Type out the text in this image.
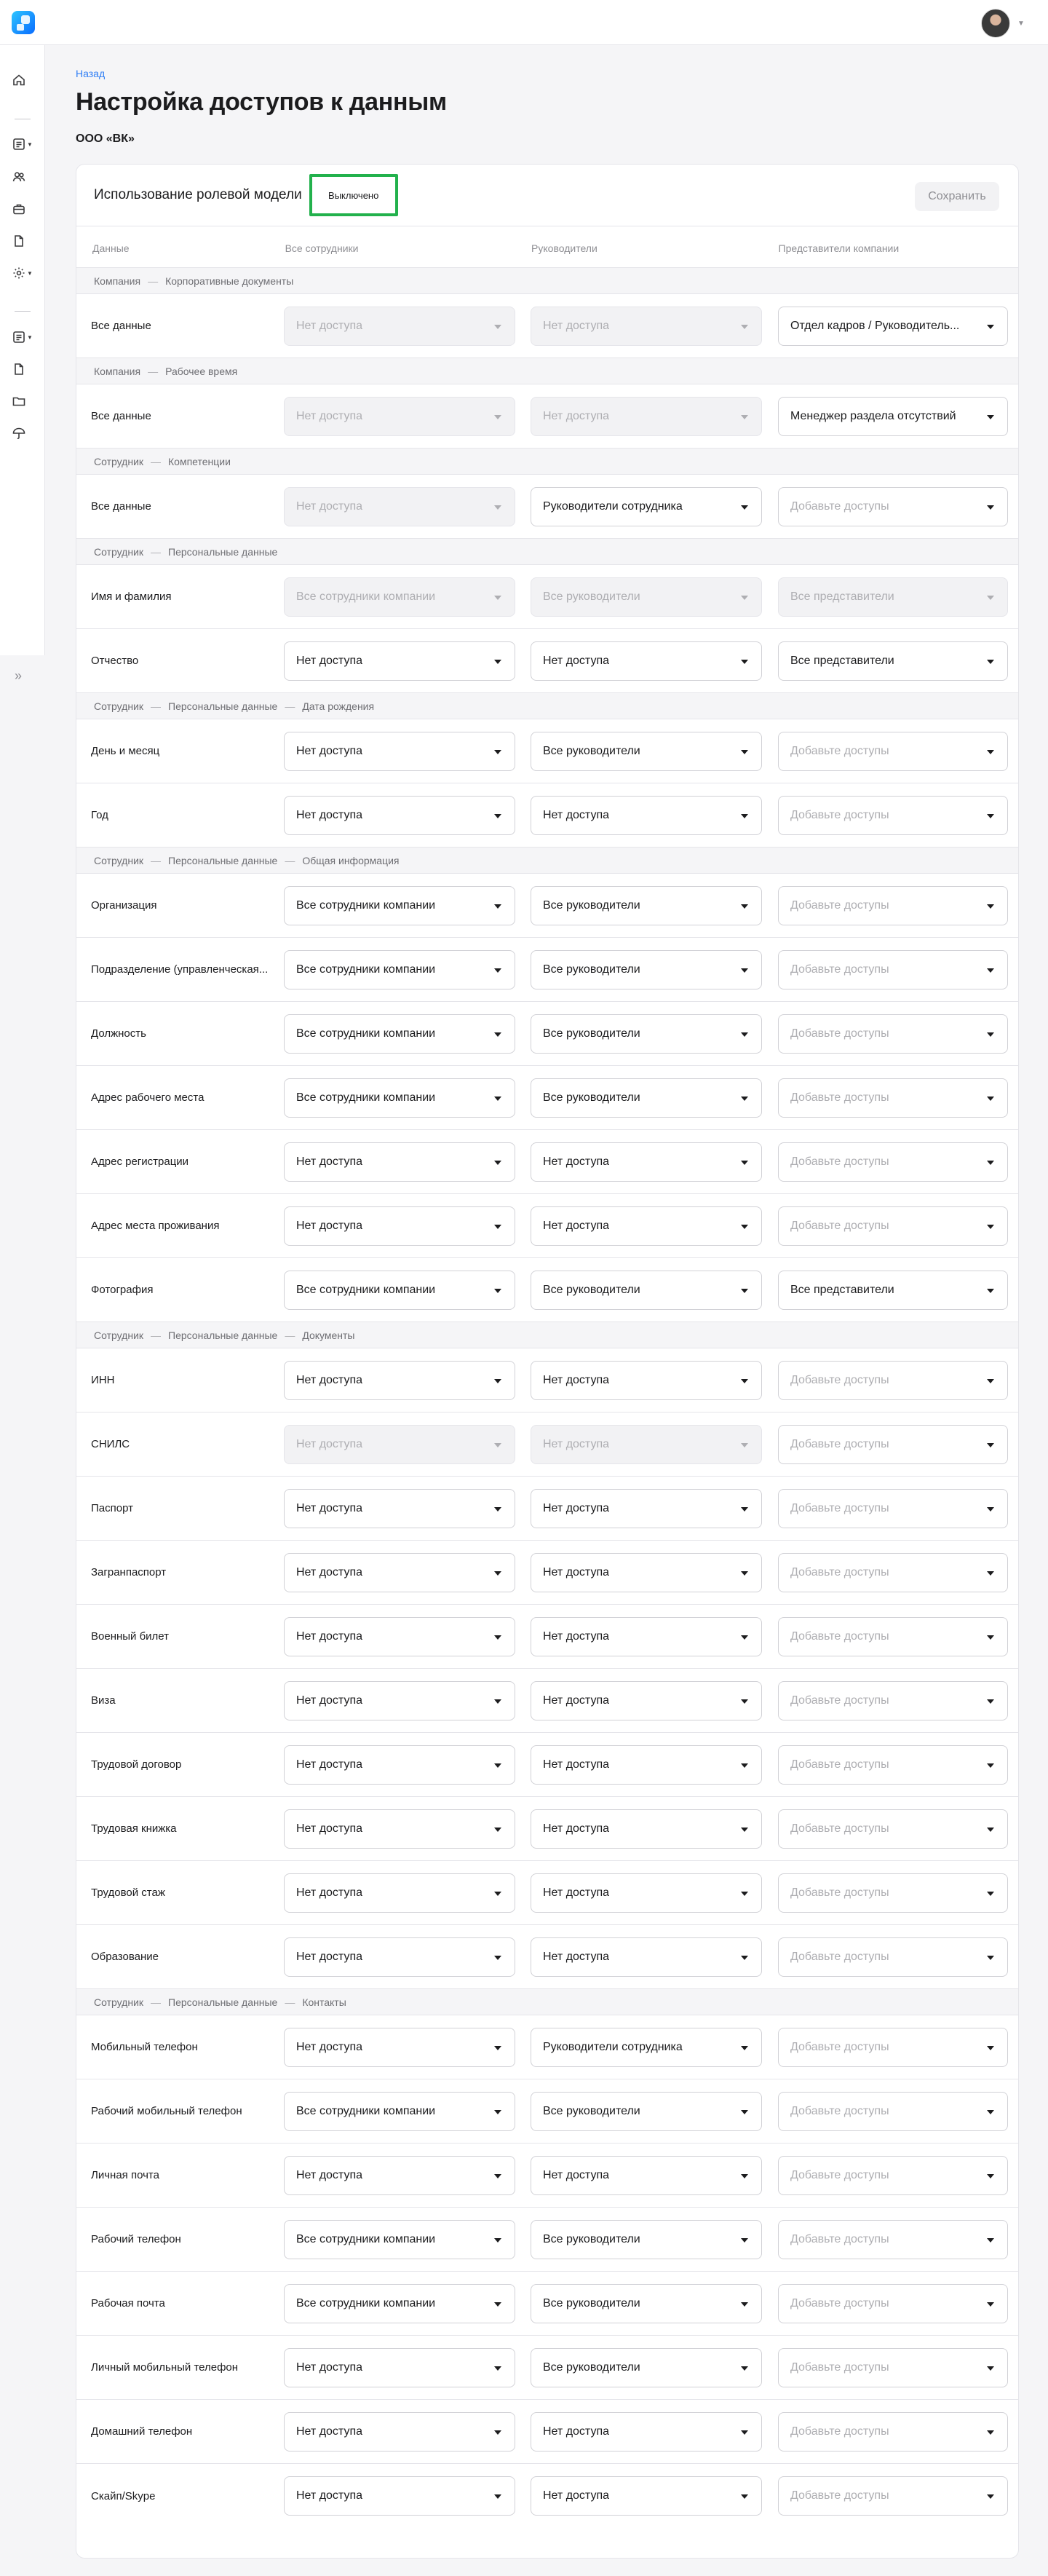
▼
▼
▼
▼
»
Назад
Настройка доступов к данным
ООО «ВК»
Использование ролевой модели	Выключено	Сохранить
Данные	Все сотрудники	Руководители	Представители компании
Компания — Корпоративные документы
Все данные	Нет доступа	Нет доступа	Отдел кадров / Руководитель...
Компания — Рабочее время
Все данные	Нет доступа	Нет доступа	Менеджер раздела отсутствий
Сотрудник — Компетенции
Все данные	Нет доступа	Руководители сотрудника	Добавьте доступы
Сотрудник — Персональные данные
Имя и фамилия	Все сотрудники компании	Все руководители	Все представители
Отчество	Нет доступа	Нет доступа	Все представители
Сотрудник — Персональные данные — Дата рождения
День и месяц	Нет доступа	Все руководители	Добавьте доступы
Год	Нет доступа	Нет доступа	Добавьте доступы
Сотрудник — Персональные данные — Общая информация
Организация	Все сотрудники компании	Все руководители	Добавьте доступы
Подразделение (управленческая...	Все сотрудники компании	Все руководители	Добавьте доступы
Должность	Все сотрудники компании	Все руководители	Добавьте доступы
Адрес рабочего места	Все сотрудники компании	Все руководители	Добавьте доступы
Адрес регистрации	Нет доступа	Нет доступа	Добавьте доступы
Адрес места проживания	Нет доступа	Нет доступа	Добавьте доступы
Фотография	Все сотрудники компании	Все руководители	Все представители
Сотрудник — Персональные данные — Документы
ИНН	Нет доступа	Нет доступа	Добавьте доступы
СНИЛС	Нет доступа	Нет доступа	Добавьте доступы
Паспорт	Нет доступа	Нет доступа	Добавьте доступы
Загранпаспорт	Нет доступа	Нет доступа	Добавьте доступы
Военный билет	Нет доступа	Нет доступа	Добавьте доступы
Виза	Нет доступа	Нет доступа	Добавьте доступы
Трудовой договор	Нет доступа	Нет доступа	Добавьте доступы
Трудовая книжка	Нет доступа	Нет доступа	Добавьте доступы
Трудовой стаж	Нет доступа	Нет доступа	Добавьте доступы
Образование	Нет доступа	Нет доступа	Добавьте доступы
Сотрудник — Персональные данные — Контакты
Мобильный телефон	Нет доступа	Руководители сотрудника	Добавьте доступы
Рабочий мобильный телефон	Все сотрудники компании	Все руководители	Добавьте доступы
Личная почта	Нет доступа	Нет доступа	Добавьте доступы
Рабочий телефон	Все сотрудники компании	Все руководители	Добавьте доступы
Рабочая почта	Все сотрудники компании	Все руководители	Добавьте доступы
Личный мобильный телефон	Нет доступа	Все руководители	Добавьте доступы
Домашний телефон	Нет доступа	Нет доступа	Добавьте доступы
Скайп/Skype	Нет доступа	Нет доступа	Добавьте доступы
